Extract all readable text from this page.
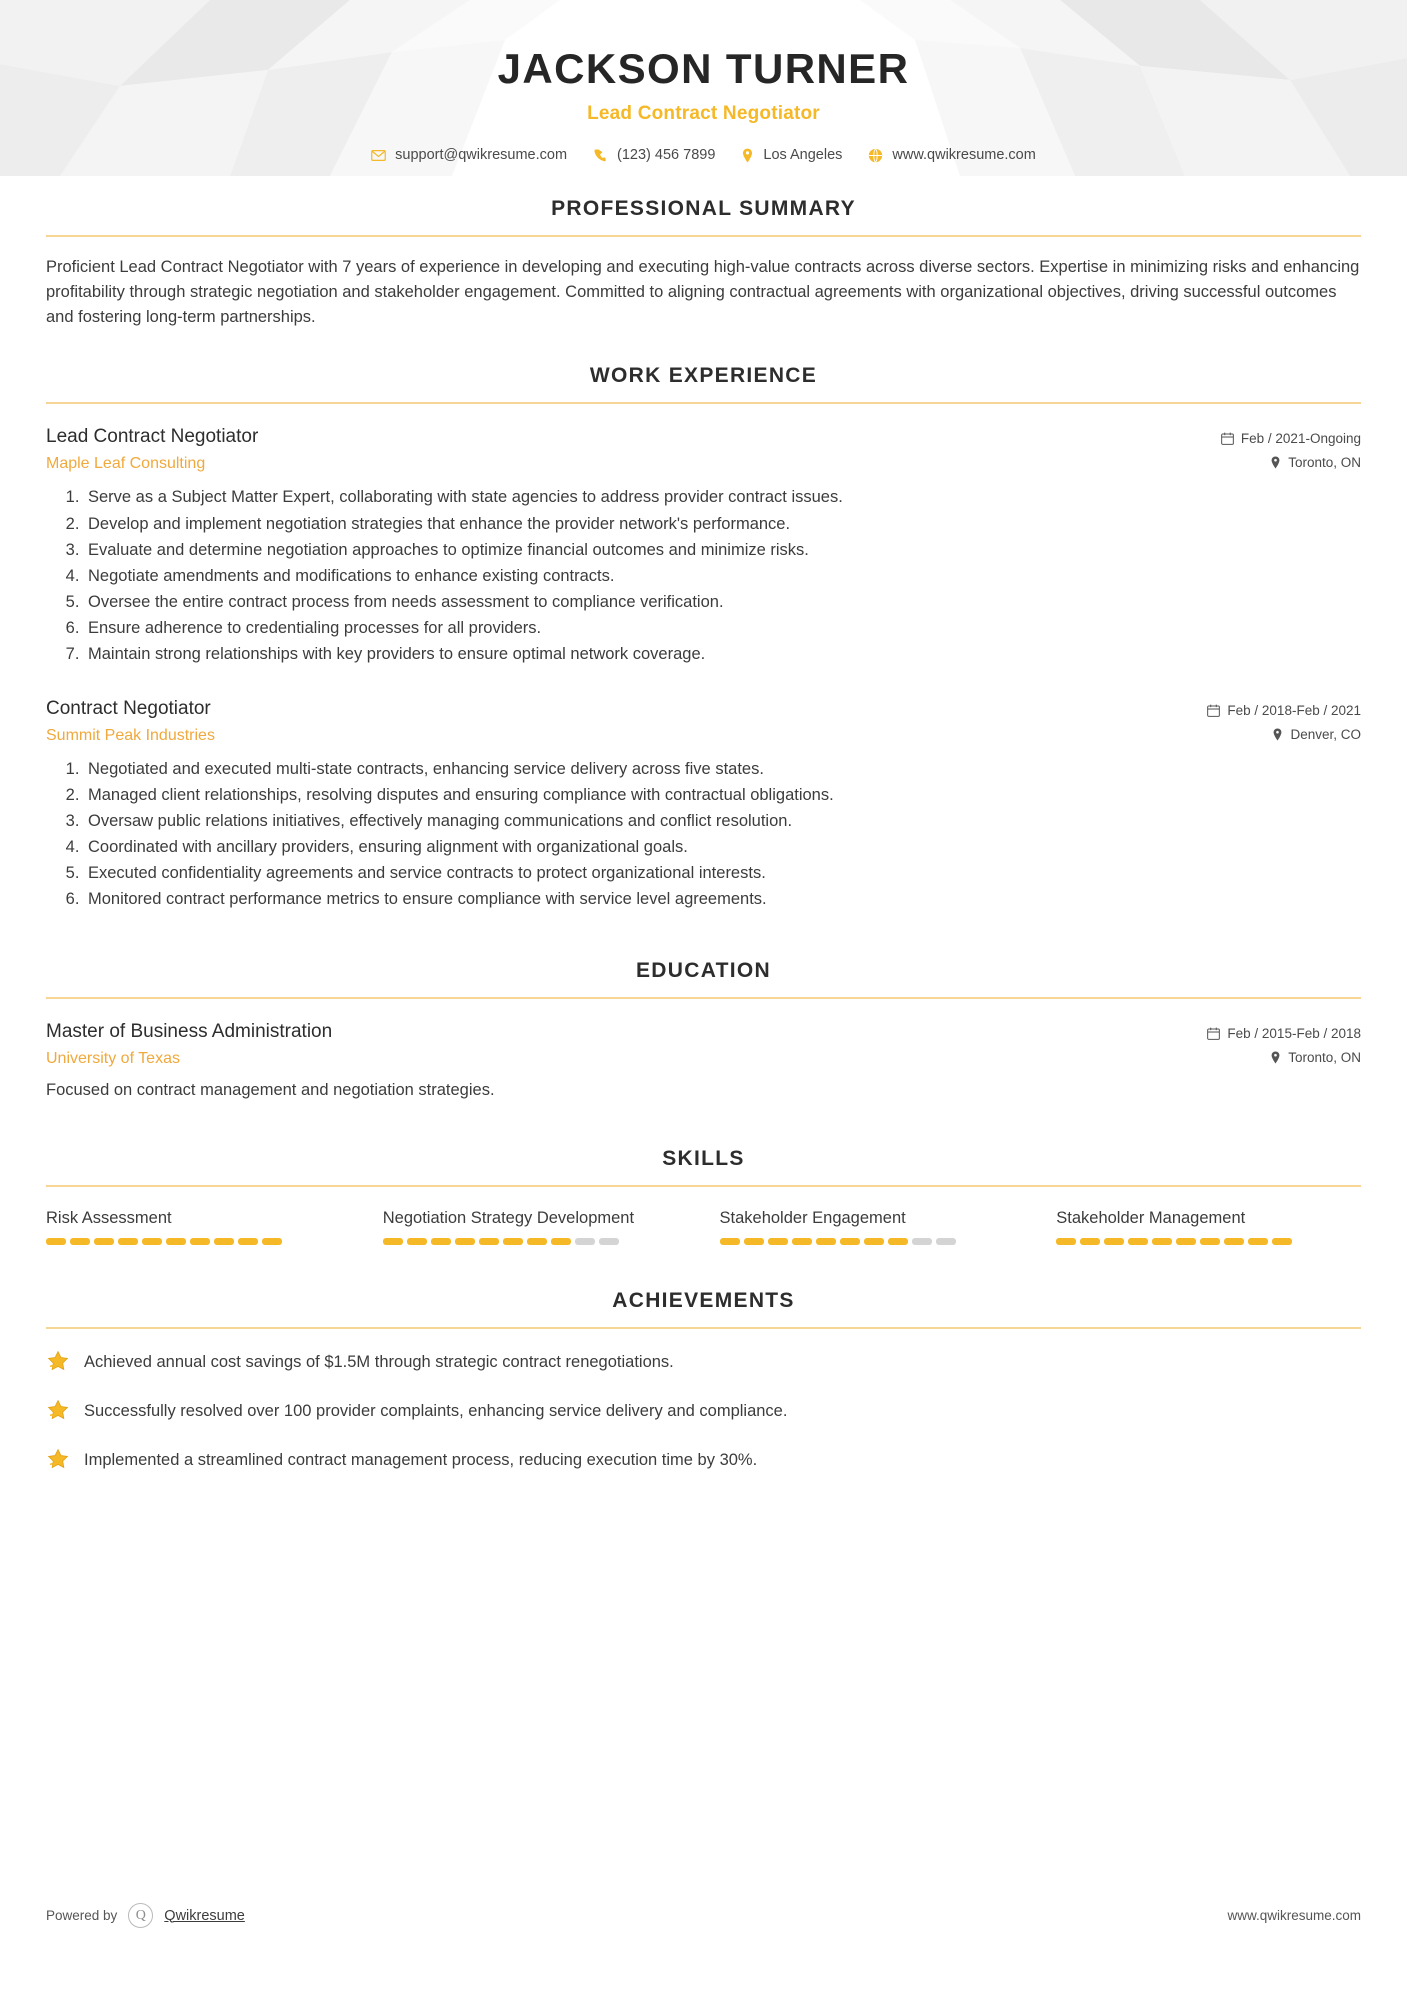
JACKSON TURNER
Lead Contract Negotiator
support@qwikresume.com	(123) 456 7899	Los Angeles	www.qwikresume.com
PROFESSIONAL SUMMARY

Proficient Lead Contract Negotiator with 7 years of experience in developing and executing high-value contracts across diverse sectors. Expertise in minimizing risks and enhancing profitability through strategic negotiation and stakeholder engagement. Committed to aligning contractual agreements with organizational objectives, driving successful outcomes and fostering long-term partnerships.

WORK EXPERIENCE
Lead Contract Negotiator
Maple Leaf Consulting
Feb / 2021-Ongoing
Toronto, ON
1. Serve as a Subject Matter Expert, collaborating with state agencies to address provider contract issues.
2. Develop and implement negotiation strategies that enhance the provider network's performance.
3. Evaluate and determine negotiation approaches to optimize financial outcomes and minimize risks.
4. Negotiate amendments and modifications to enhance existing contracts.
5. Oversee the entire contract process from needs assessment to compliance verification.
6. Ensure adherence to credentialing processes for all providers.
7. Maintain strong relationships with key providers to ensure optimal network coverage.
Contract Negotiator
Summit Peak Industries
Feb / 2018-Feb / 2021
Denver, CO
1. Negotiated and executed multi-state contracts, enhancing service delivery across five states.
2. Managed client relationships, resolving disputes and ensuring compliance with contractual obligations.
3. Oversaw public relations initiatives, effectively managing communications and conflict resolution.
4. Coordinated with ancillary providers, ensuring alignment with organizational goals.
5. Executed confidentiality agreements and service contracts to protect organizational interests.
6. Monitored contract performance metrics to ensure compliance with service level agreements.
EDUCATION
Master of Business Administration
University of Texas
Feb / 2015-Feb / 2018
Toronto, ON
Focused on contract management and negotiation strategies.
SKILLS
Risk Assessment	Negotiation Strategy Development	Stakeholder Engagement	Stakeholder Management
ACHIEVEMENTS
Achieved annual cost savings of $1.5M through strategic contract renegotiations.
Successfully resolved over 100 provider complaints, enhancing service delivery and compliance.
Implemented a streamlined contract management process, reducing execution time by 30%.
Powered by	Q	Qwikresume	www.qwikresume.com
